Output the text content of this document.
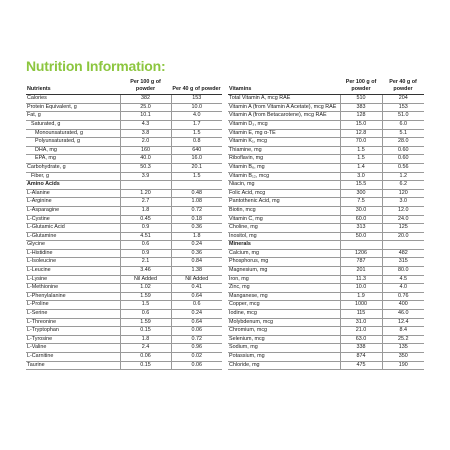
Nutrition Information:
Nutrients	Per 100 g of powder	Per 40 g of powder
Calories	382	153
Protein Equivalent, g	25.0	10.0
Fat, g	10.1	4.0
Saturated, g	4.3	1.7
Monounsaturated, g	3.8	1.5
Polyunsaturated, g	2.0	0.8
DHA, mg	160	640
EPA, mg	40.0	16.0
Carbohydrate, g	50.3	20.1
Fiber, g	3.9	1.5
Amino Acids		
L-Alanine	1.20	0.48
L-Arginine	2.7	1.08
L-Asparagine	1.8	0.72
L-Cystine	0.45	0.18
L-Glutamic Acid	0.9	0.36
L-Glutamine	4.51	1.8
Glycine	0.6	0.24
L-Histidine	0.9	0.36
L-Isoleucine	2.1	0.84
L-Leucine	3.46	1.38
L-Lysine	Nil Added	Nil Added
L-Methionine	1.02	0.41
L-Phenylalanine	1.59	0.64
L-Proline	1.5	0.6
L-Serine	0.6	0.24
L-Threonine	1.59	0.64
L-Tryptophan	0.15	0.06
L-Tyrosine	1.8	0.72
L-Valine	2.4	0.96
L-Carnitine	0.06	0.02
Taurine	0.15	0.06
Vitamins	Per 100 g of powder	Per 40 g of powder
Total Vitamin A, mcg RAE	510	204
Vitamin A (from Vitamin A Acetate), mcg RAE	383	153
Vitamin A (from Betacarotene), mcg RAE	128	51.0
Vitamin D₃, mcg	15.0	6.0
Vitamin E, mg α-TE	12.8	5.1
Vitamin K₁, mcg	70.0	28.0
Thiamine, mg	1.5	0.60
Riboflavin, mg	1.5	0.60
Vitamin B₆, mg	1.4	0.56
Vitamin B₁₂, mcg	3.0	1.2
Niacin, mg	15.5	6.2
Folic Acid, mcg	300	120
Pantothenic Acid, mg	7.5	3.0
Biotin, mcg	30.0	12.0
Vitamin C, mg	60.0	24.0
Choline, mg	313	125
Inositol, mg	50.0	20.0
Minerals		
Calcium, mg	1206	482
Phosphorus, mg	787	315
Magnesium, mg	201	80.0
Iron, mg	11.3	4.5
Zinc, mg	10.0	4.0
Manganese, mg	1.9	0.76
Copper, mcg	1000	400
Iodine, mcg	115	46.0
Molybdenum, mcg	31.0	12.4
Chromium, mcg	21.0	8.4
Selenium, mcg	63.0	25.2
Sodium, mg	338	135
Potassium, mg	874	350
Chloride, mg	475	190
